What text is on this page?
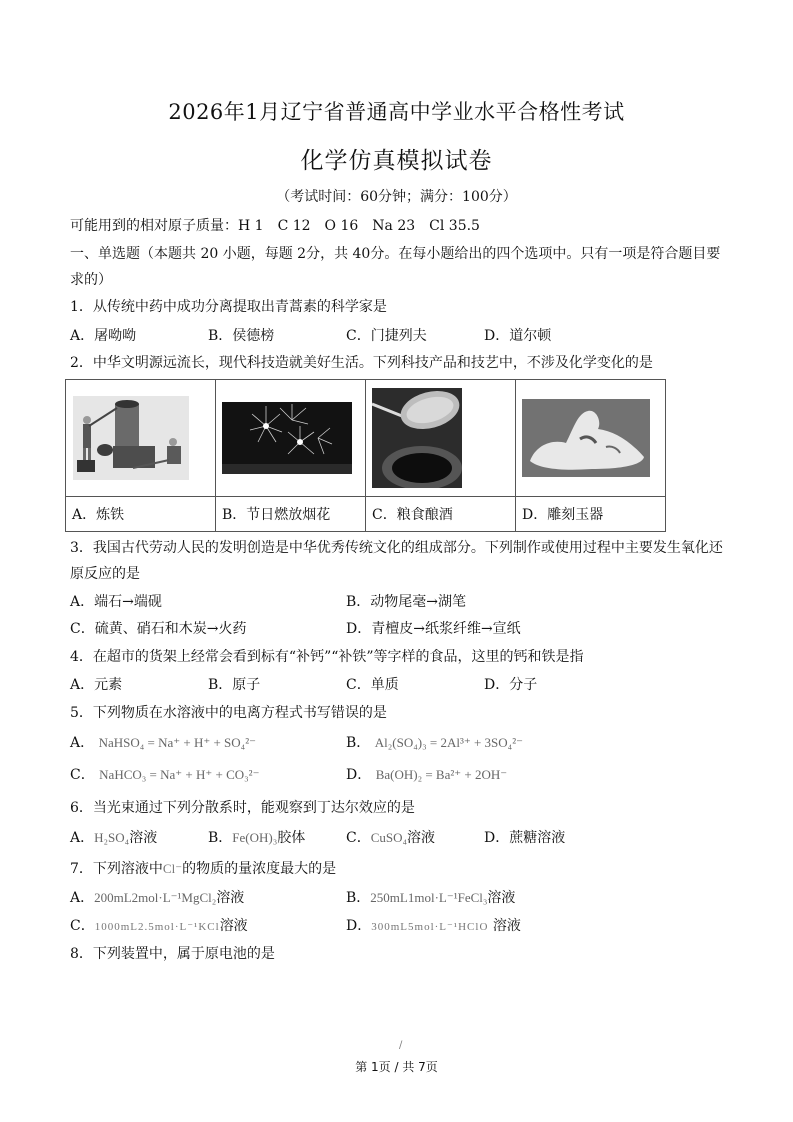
2026年1月辽宁省普通高中学业水平合格性考试
化学仿真模拟试卷
（考试时间：60分钟；满分：100分）
可能用到的相对原子质量：H 1　C 12　O 16　Na 23　Cl 35.5
一、单选题（本题共 20 小题，每题 2分，共 40分。在每小题给出的四个选项中。只有一项是符合题目要
求的）
1．从传统中药中成功分离提取出青蒿素的科学家是
A．屠呦呦	B．侯德榜	C．门捷列夫	D．道尔顿
2．中华文明源远流长，现代科技造就美好生活。下列科技产品和技艺中，不涉及化学变化的是

A．炼铁	B．节日燃放烟花	C．粮食酿酒	D．雕刻玉器
3．我国古代劳动人民的发明创造是中华优秀传统文化的组成部分。下列制作或使用过程中主要发生氧化还
原反应的是
A．端石→端砚	B．动物尾毫→湖笔
C．硫黄、硝石和木炭→火药	D．青檀皮→纸浆纤维→宣纸
4．在超市的货架上经常会看到标有“补钙”“补铁”等字样的食品，这里的钙和铁是指
A．元素	B．原子	C．单质	D．分子
5．下列物质在水溶液中的电离方程式书写错误的是
A． NaHSO₄ = Na⁺ + H⁺ + SO₄²⁻	B． Al₂(SO₄)₃ = 2Al³⁺ + 3SO₄²⁻
C． NaHCO₃ = Na⁺ + H⁺ + CO₃²⁻	D． Ba(OH)₂ = Ba²⁺ + 2OH⁻
6．当光束通过下列分散系时，能观察到丁达尔效应的是
A．H₂SO₄溶液	B．Fe(OH)₃胶体	C．CuSO₄溶液	D．蔗糖溶液
7．下列溶液中Cl⁻的物质的量浓度最大的是
A．200mL2mol·L⁻¹MgCl₂溶液	B．250mL1mol·L⁻¹FeCl₃溶液
C．1000mL2.5mol·L⁻¹KCl溶液	D．300mL5mol·L⁻¹HClO 溶液
8．下列装置中，属于原电池的是
/
第 1页 / 共 7页
